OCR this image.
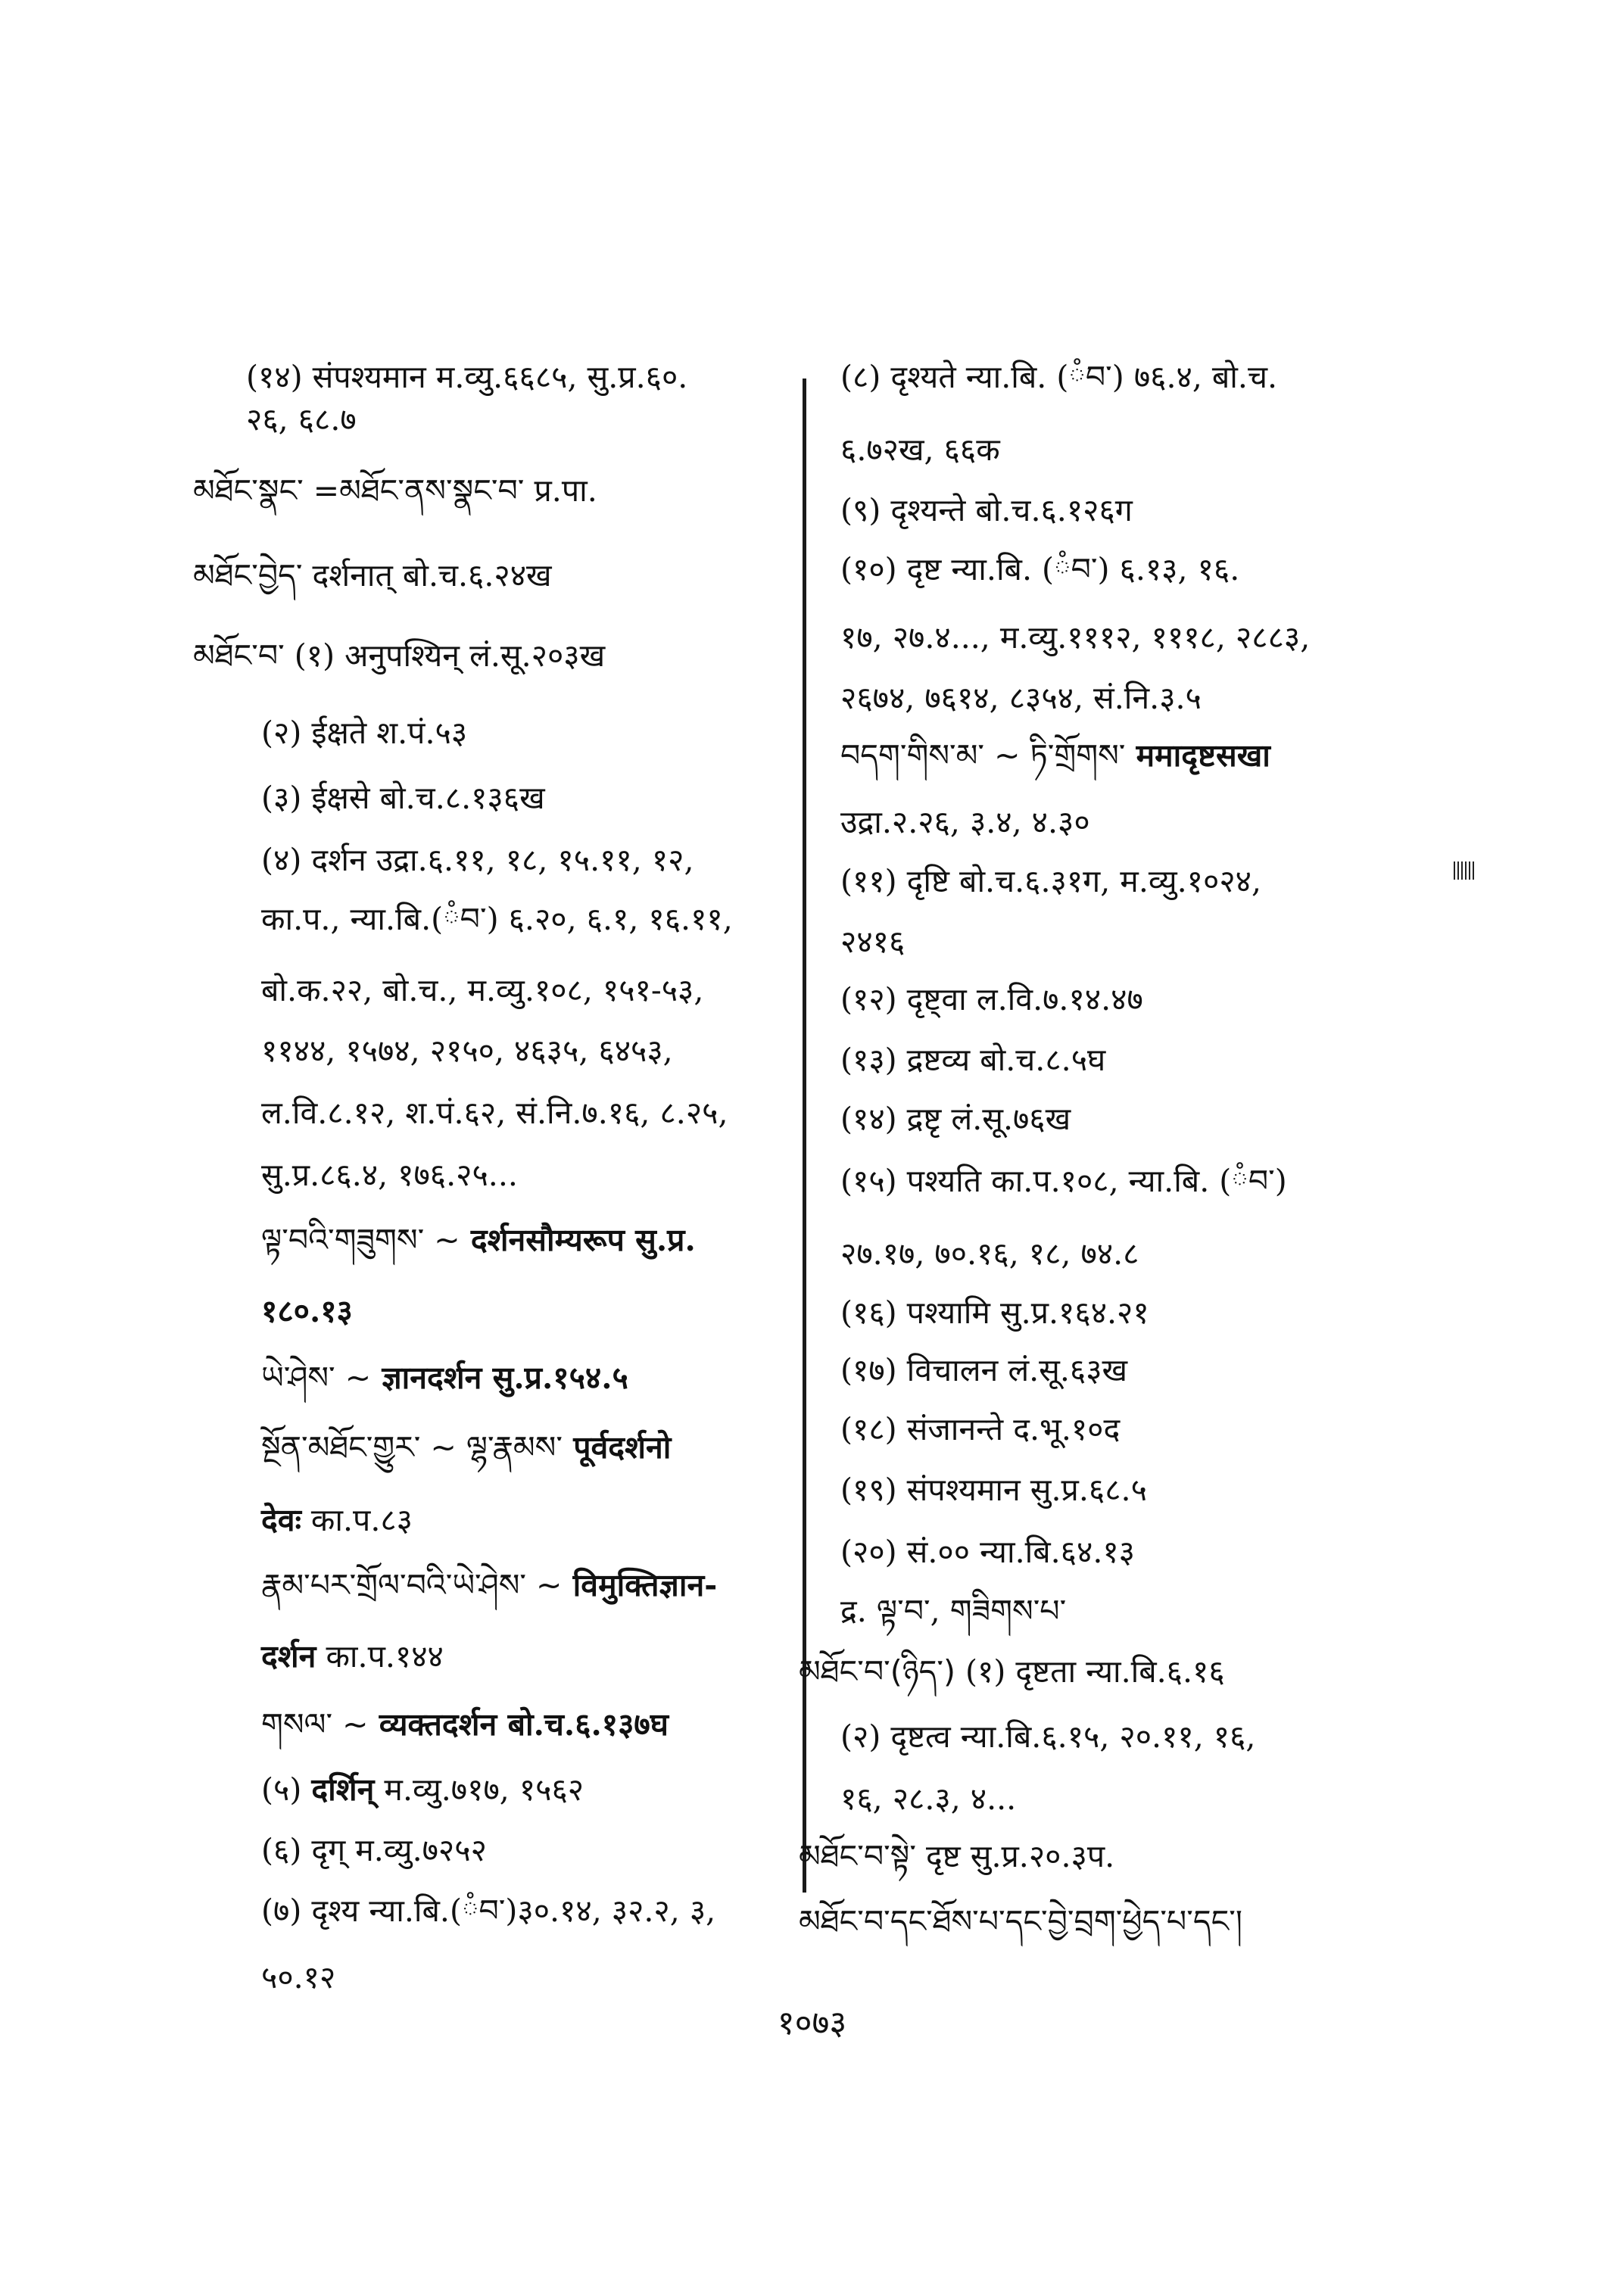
(१४) संपश्यमान म.व्यु.६६८५, सु.प्र.६०.
२६, ६८.७
མཐོང་སྣང་ =མཐོང་ནས་སྣང་བ་ प्र.पा.
མཐོང་བྱེད་ दर्शनात् बो.च.६.२४ख
མཐོང་བ་ (१) अनुपश्यिन् लं.सू.२०३ख
(२) ईक्षते श.पं.५३
(३) ईक्षसे बो.च.८.१३६ख
(४) दर्शन उद्रा.६.११, १८, १५.११, १२,
का.प., न्या.बि.(ཾབ་) ६.२०, ६.१, १६.११,
बो.क.२२, बो.च., म.व्यु.१०८, १५१-५३,
११४४, १५७४, २१५०, ४६३५, ६४५३,
ल.वि.८.१२, श.पं.६२, सं.नि.७.१६, ८.२५,
सु.प्र.८६.४, १७६.२५...
ལྟ་བའི་གཟུགས་ ~ दर्शनसौम्यरूप सु.प्र.
१८०.१३
ཡེ་ཤེས་ ~ ज्ञानदर्शन सु.प्र.१५४.५
སྔོན་མཐོང་གྱུར་ ~ ལྷ་རྣམས་ पूर्वदर्शनो
देवः का.प.८३
རྣམ་པར་གྲོལ་བའི་ཡེ་ཤེས་ ~ विमुक्तिज्ञान-
दर्शन का.प.१४४
གསལ་ ~ व्यक्तदर्शन बो.च.६.१३७घ
(५) दर्शिन् म.व्यु.७१७, १५६२
(६) दृग् म.व्यु.७२५२
(७) दृश्य न्या.बि.(ཾབ་)३०.१४, ३२.२, ३,
५०.१२
(८) दृश्यते न्या.बि. (ཾབ་) ७६.४, बो.च.
६.७२ख, ६६क
(९) दृश्यन्ते बो.च.६.१२६ग
(१०) दृष्ट न्या.बि. (ཾབ་) ६.१३, १६.
१७, २७.४..., म.व्यु.१११२, १११८, २८८३,
२६७४, ७६१४, ८३५४, सं.नि.३.५
བདག་གིས་མ་ ~ ཏི་གྲོགས་ ममादृष्टसखा
उद्रा.२.२६, ३.४, ४.३०
(११) दृष्टि बो.च.६.३१ग, म.व्यु.१०२४,
२४१६
(१२) दृष्ट्वा ल.वि.७.१४.४७
(१३) द्रष्टव्य बो.च.८.५घ
(१४) द्रष्टृ लं.सू.७६ख
(१५) पश्यति का.प.१०८, न्या.बि. (ཾབ་)
२७.१७, ७०.१६, १८, ७४.८
(१६) पश्यामि सु.प्र.१६४.२१
(१७) विचालन लं.सू.६३ख
(१८) संजानन्ते द.भू.१०द
(१९) संपश्यमान सु.प्र.६८.५
(२०) सं.०० न्या.बि.६४.१३
द्र. ལྟ་བ་, གཟིགས་པ་
མཐོང་བ་(ཉིད་) (१) दृष्टता न्या.बि.६.१६
(२) दृष्टत्व न्या.बि.६.१५, २०.११, १६,
१६, २८.३, ४...
མཐོང་བ་སྟེ་ दृष्ट सु.प्र.२०.३प.
མཐོང་བ་དང་ཐོས་པ་དང་བྱེ་བྲག་ཕྱེད་པ་དང་།
१०७३
